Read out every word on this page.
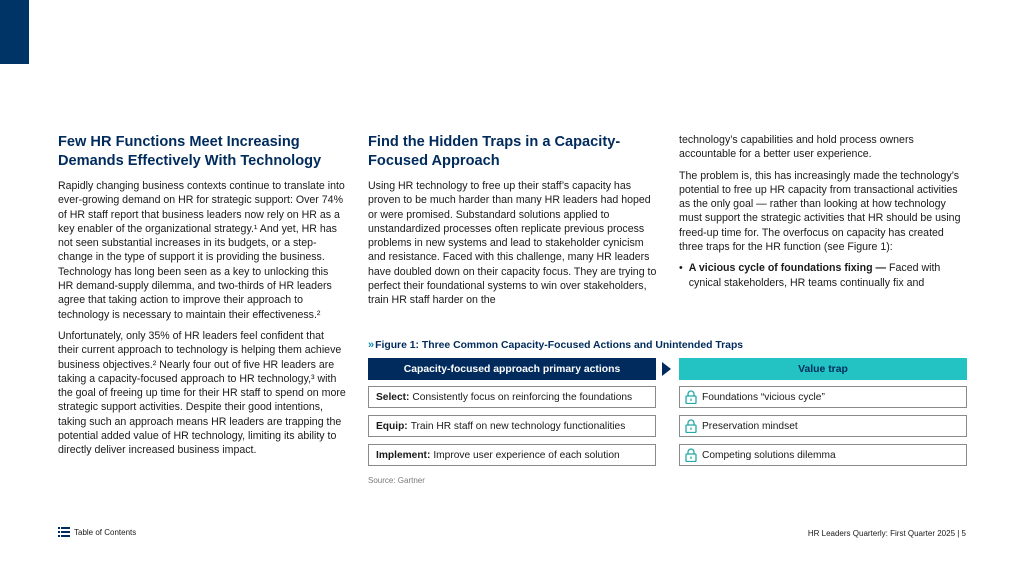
Few HR Functions Meet Increasing Demands Effectively With Technology

Rapidly changing business contexts continue to translate into ever-growing demand on HR for strategic support: Over 74% of HR staff report that business leaders now rely on HR as a key enabler of the organizational strategy.¹ And yet, HR has not seen substantial increases in its budgets, or a step-change in the type of support it is providing the business. Technology has long been seen as a key to unlocking this HR demand-supply dilemma, and two-thirds of HR leaders agree that taking action to improve their approach to technology is necessary to maintain their effectiveness.²

Unfortunately, only 35% of HR leaders feel confident that their current approach to technology is helping them achieve business objectives.² Nearly four out of five HR leaders are taking a capacity-focused approach to HR technology,³ with the goal of freeing up time for their HR staff to spend on more strategic support activities. Despite their good intentions, taking such an approach means HR leaders are trapping the potential added value of HR technology, limiting its ability to directly deliver increased business impact.

Find the Hidden Traps in a Capacity-Focused Approach

Using HR technology to free up their staff’s capacity has proven to be much harder than many HR leaders had hoped or were promised. Substandard solutions applied to unstandardized processes often replicate previous process problems in new systems and lead to stakeholder cynicism and resistance. Faced with this challenge, many HR leaders have doubled down on their capacity focus. They are trying to perfect their foundational systems to win over stakeholders, train HR staff harder on the

technology’s capabilities and hold process owners accountable for a better user experience.

The problem is, this has increasingly made the technology’s potential to free up HR capacity from transactional activities as the only goal — rather than looking at how technology must support the strategic activities that HR should be using freed-up time for. The overfocus on capacity has created three traps for the HR function (see Figure 1):

• A vicious cycle of foundations fixing — Faced with cynical stakeholders, HR teams continually fix and
» Figure 1: Three Common Capacity-Focused Actions and Unintended Traps
Capacity-focused approach primary actions	Value trap
Select: Consistently focus on reinforcing the foundations	Foundations “vicious cycle”
Equip: Train HR staff on new technology functionalities	Preservation mindset
Implement: Improve user experience of each solution	Competing solutions dilemma
Source: Gartner
Table of Contents	HR Leaders Quarterly: First Quarter 2025 | 5
